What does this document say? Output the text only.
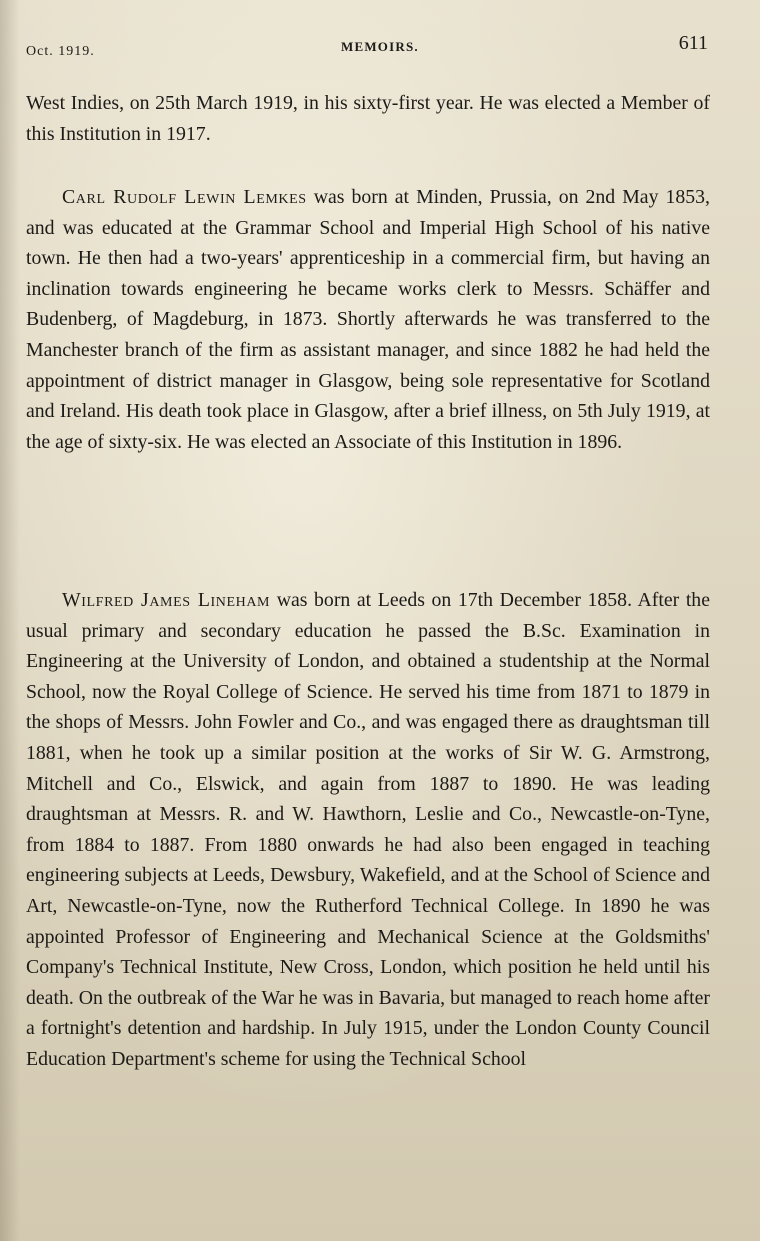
Oct. 1919.	MEMOIRS.	611

West Indies, on 25th March 1919, in his sixty-first year. He was elected a Member of this Institution in 1917.

Carl Rudolf Lewin Lemkes was born at Minden, Prussia, on 2nd May 1853, and was educated at the Grammar School and Imperial High School of his native town. He then had a two-years' apprenticeship in a commercial firm, but having an inclination towards engineering he became works clerk to Messrs. Schäffer and Budenberg, of Magdeburg, in 1873. Shortly afterwards he was transferred to the Manchester branch of the firm as assistant manager, and since 1882 he had held the appointment of district manager in Glasgow, being sole representative for Scotland and Ireland. His death took place in Glasgow, after a brief illness, on 5th July 1919, at the age of sixty-six. He was elected an Associate of this Institution in 1896.

Wilfred James Lineham was born at Leeds on 17th December 1858. After the usual primary and secondary education he passed the B.Sc. Examination in Engineering at the University of London, and obtained a studentship at the Normal School, now the Royal College of Science. He served his time from 1871 to 1879 in the shops of Messrs. John Fowler and Co., and was engaged there as draughtsman till 1881, when he took up a similar position at the works of Sir W. G. Armstrong, Mitchell and Co., Elswick, and again from 1887 to 1890. He was leading draughtsman at Messrs. R. and W. Hawthorn, Leslie and Co., Newcastle-on-Tyne, from 1884 to 1887. From 1880 onwards he had also been engaged in teaching engineering subjects at Leeds, Dewsbury, Wakefield, and at the School of Science and Art, Newcastle-on-Tyne, now the Rutherford Technical College. In 1890 he was appointed Professor of Engineering and Mechanical Science at the Goldsmiths' Company's Technical Institute, New Cross, London, which position he held until his death. On the outbreak of the War he was in Bavaria, but managed to reach home after a fortnight's detention and hardship. In July 1915, under the London County Council Education Department's scheme for using the Technical School
